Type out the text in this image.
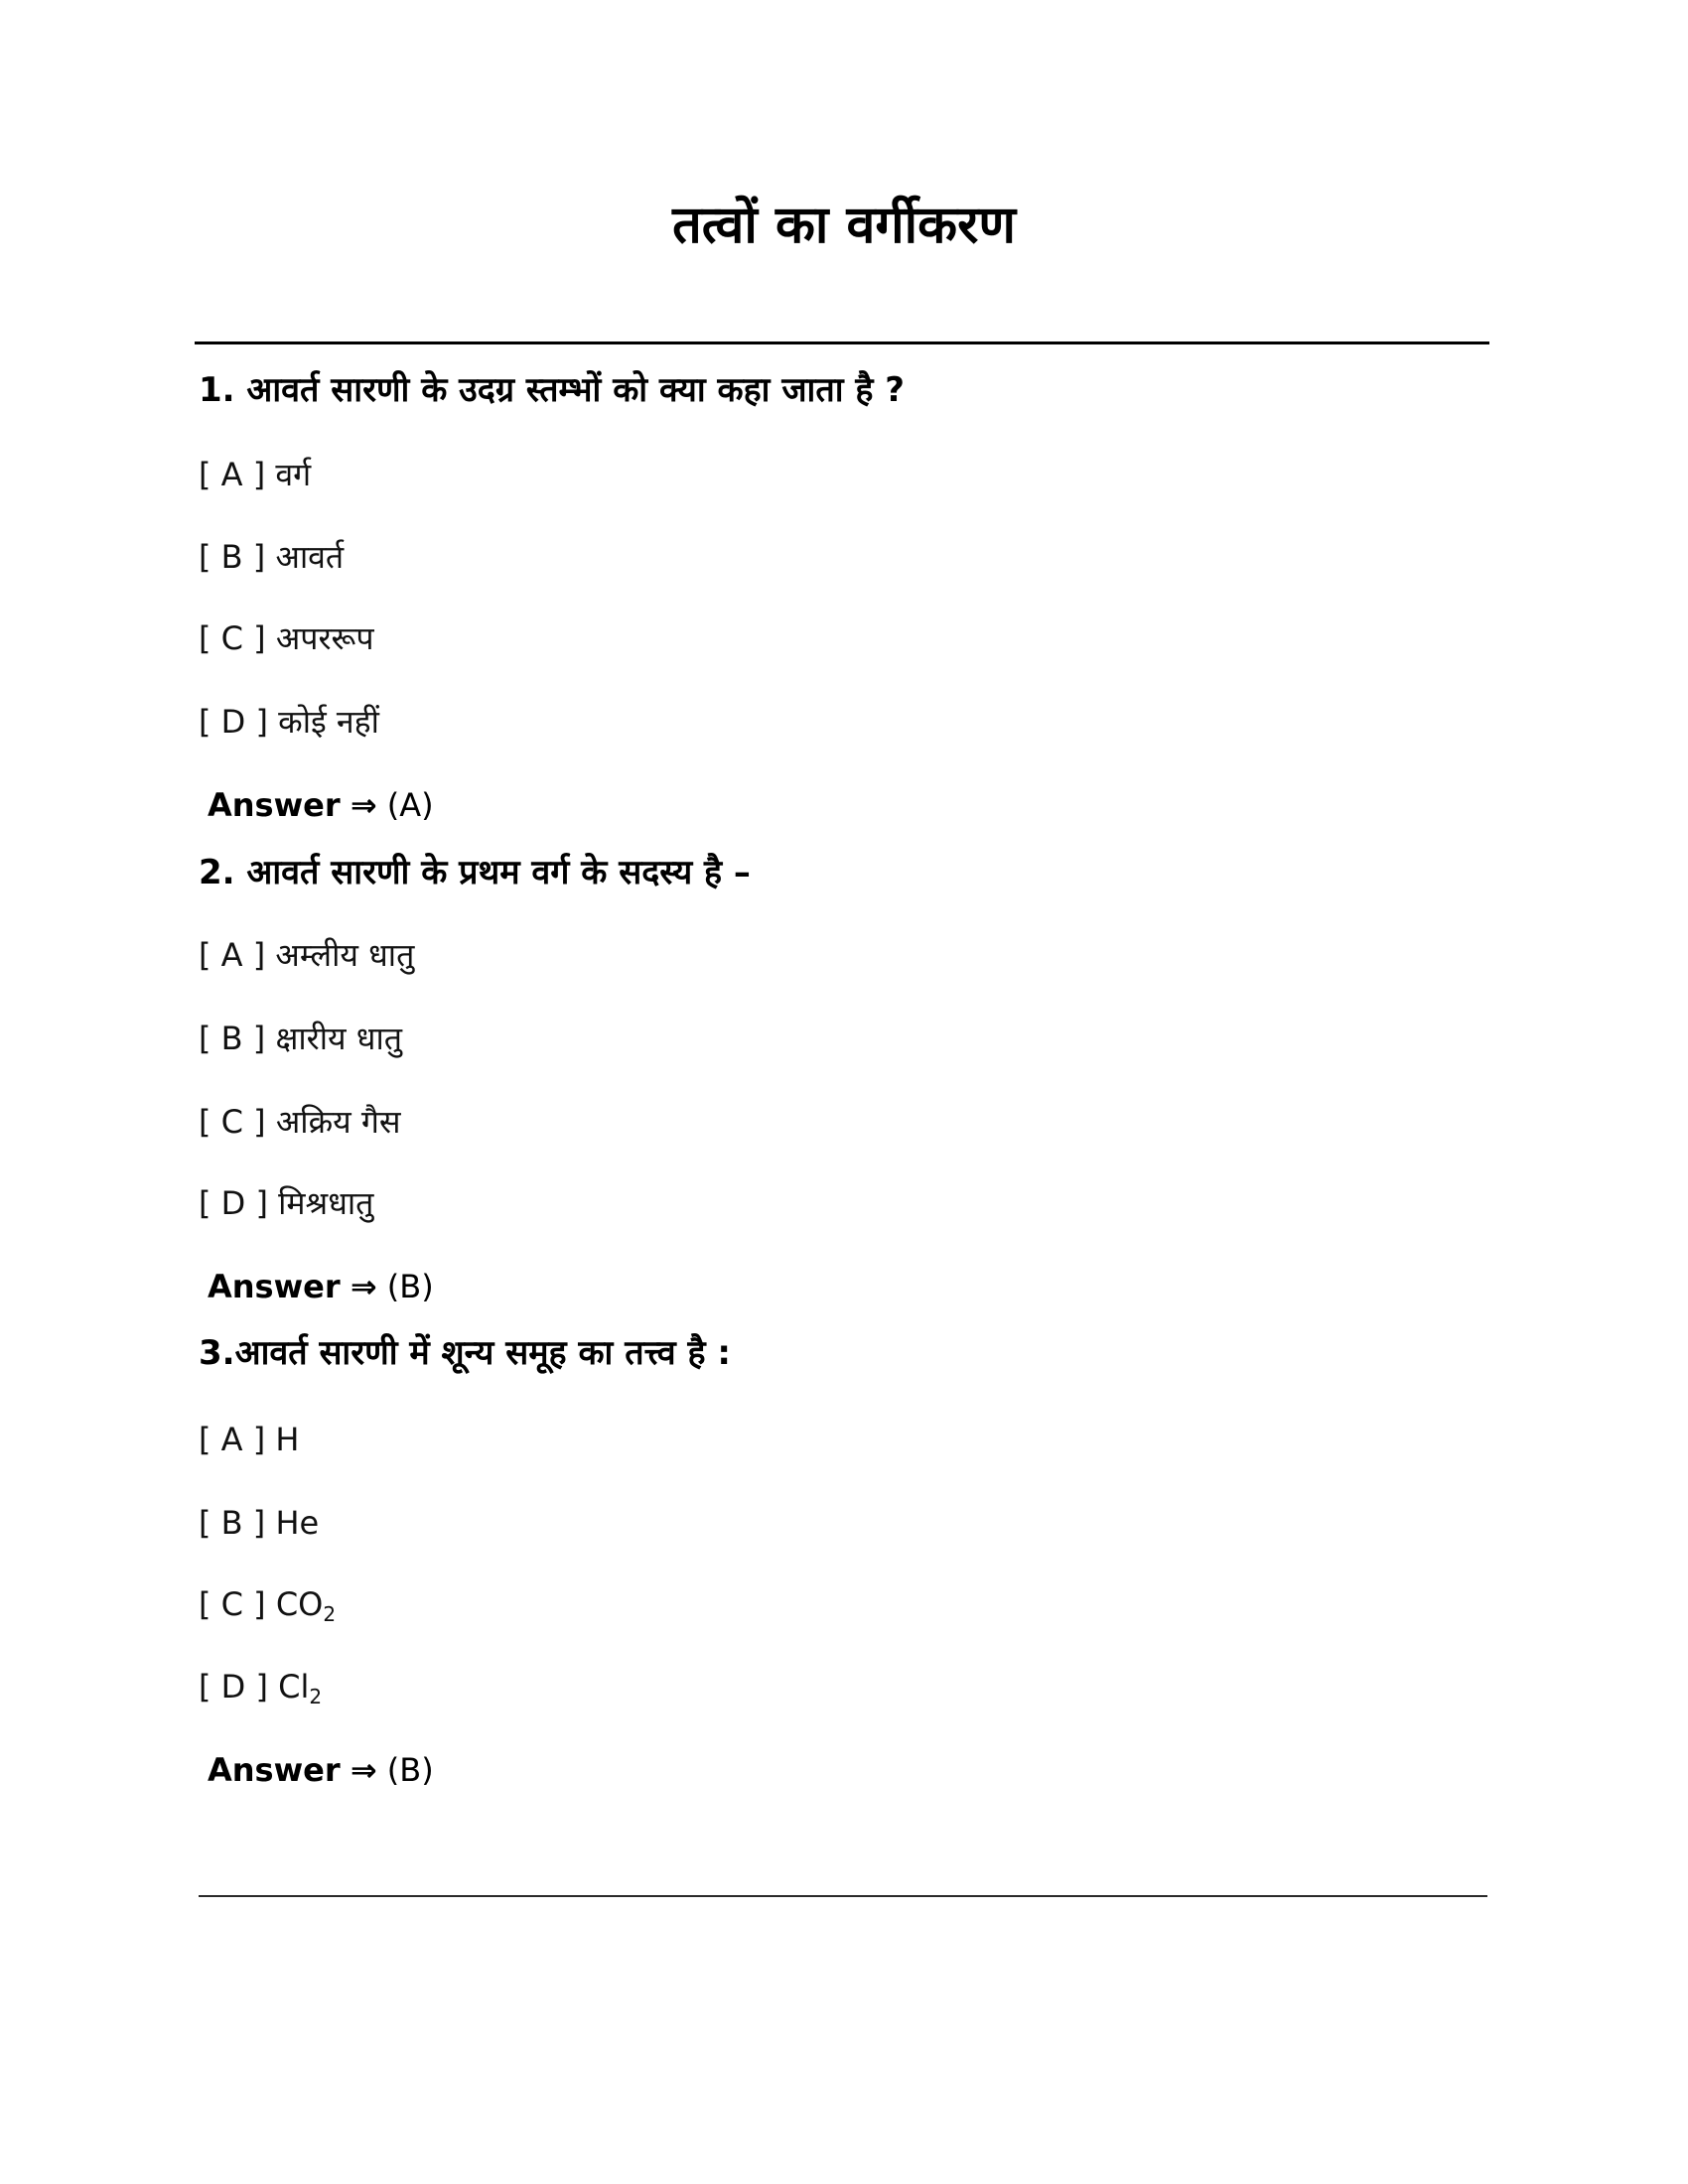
तत्वों का वर्गीकरण
1. आवर्त सारणी के उदग्र स्तम्भों को क्या कहा जाता है ?
[ A ] वर्ग
[ B ] आवर्त
[ C ] अपररूप
[ D ] कोई नहीं
Answer ⇒ (A)
2. आवर्त सारणी के प्रथम वर्ग के सदस्य है –
[ A ] अम्लीय धातु
[ B ] क्षारीय धातु
[ C ] अक्रिय गैस
[ D ] मिश्रधातु
Answer ⇒ (B)
3.आवर्त सारणी में शून्य समूह का तत्त्व है :
[ A ] H
[ B ] He
[ C ] $CO_2$
[ D ] $Cl_2$
Answer ⇒ (B)
